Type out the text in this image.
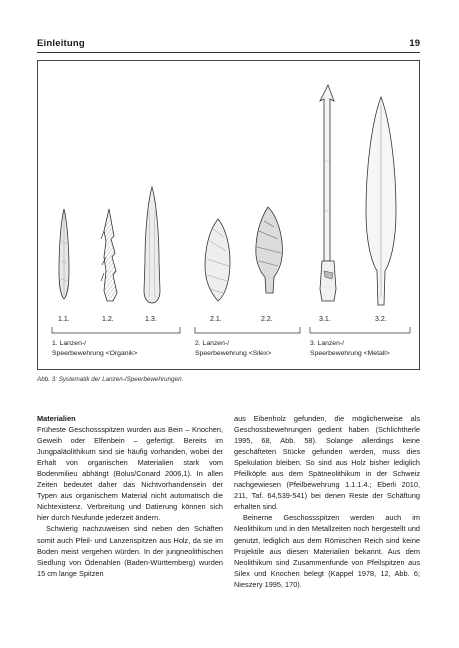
Einleitung	19
1.1.	1.2.	1.3.	2.1.	2.2.	3.1.	3.2.
1. Lanzen-/
Speerbewehrung <Organik>
2. Lanzen-/
Speerbewehrung <Silex>
3. Lanzen-/
Speerbewehrung <Metall>
Abb. 3: Systematik der Lanzen-/Speerbewehrungen.

Materialien

Früheste Geschossspitzen wurden aus Bein – Knochen, Geweih oder Elfenbein – gefertigt. Bereits im Jungpaläolithikum sind sie häufig vorhanden, wobei der Erhalt von organischen Materialien stark vom Bodenmilieu abhängt (Bolus/Conard 2006,1). In allen Zeiten bedeutet daher das Nichtvorhandensein der Typen aus organischem Material nicht automatisch die Nichtexistenz. Verbreitung und Datierung können sich hier durch Neufunde jederzeit ändern.

Schwierig nachzuweisen sind neben den Schäften somit auch Pfeil- und Lanzenspitzen aus Holz, da sie im Boden meist vergehen würden. In der jungneolithischen Siedlung von Ödenahlen (Baden-Württemberg) wurden 15 cm lange Spitzen

aus Eibenholz gefunden, die möglicherweise als Geschossbewehrungen gedient haben (Schlichtherle 1995, 68, Abb. 58). Solange allerdings keine geschäfteten Stücke gefunden werden, muss dies Spekulation bleiben. So sind aus Holz bisher lediglich Pfeilköpfe aus dem Spätneolithikum in der Schweiz nachgewiesen (Pfeilbewehrung 1.1.1.4.; Eberli 2010, 211, Taf. 64,539-541) bei denen Reste der Schäftung erhalten sind.

Beinerne Geschossspitzen werden auch im Neolithikum und in den Metallzeiten noch hergestellt und genutzt, lediglich aus dem Römischen Reich sind keine Projektile aus diesen Materialien bekannt. Aus dem Neolithikum sind Zusammenfunde von Pfeilspitzen aus Silex und Knochen belegt (Kappel 1978, 12, Abb. 6; Nieszery 1995, 170).
